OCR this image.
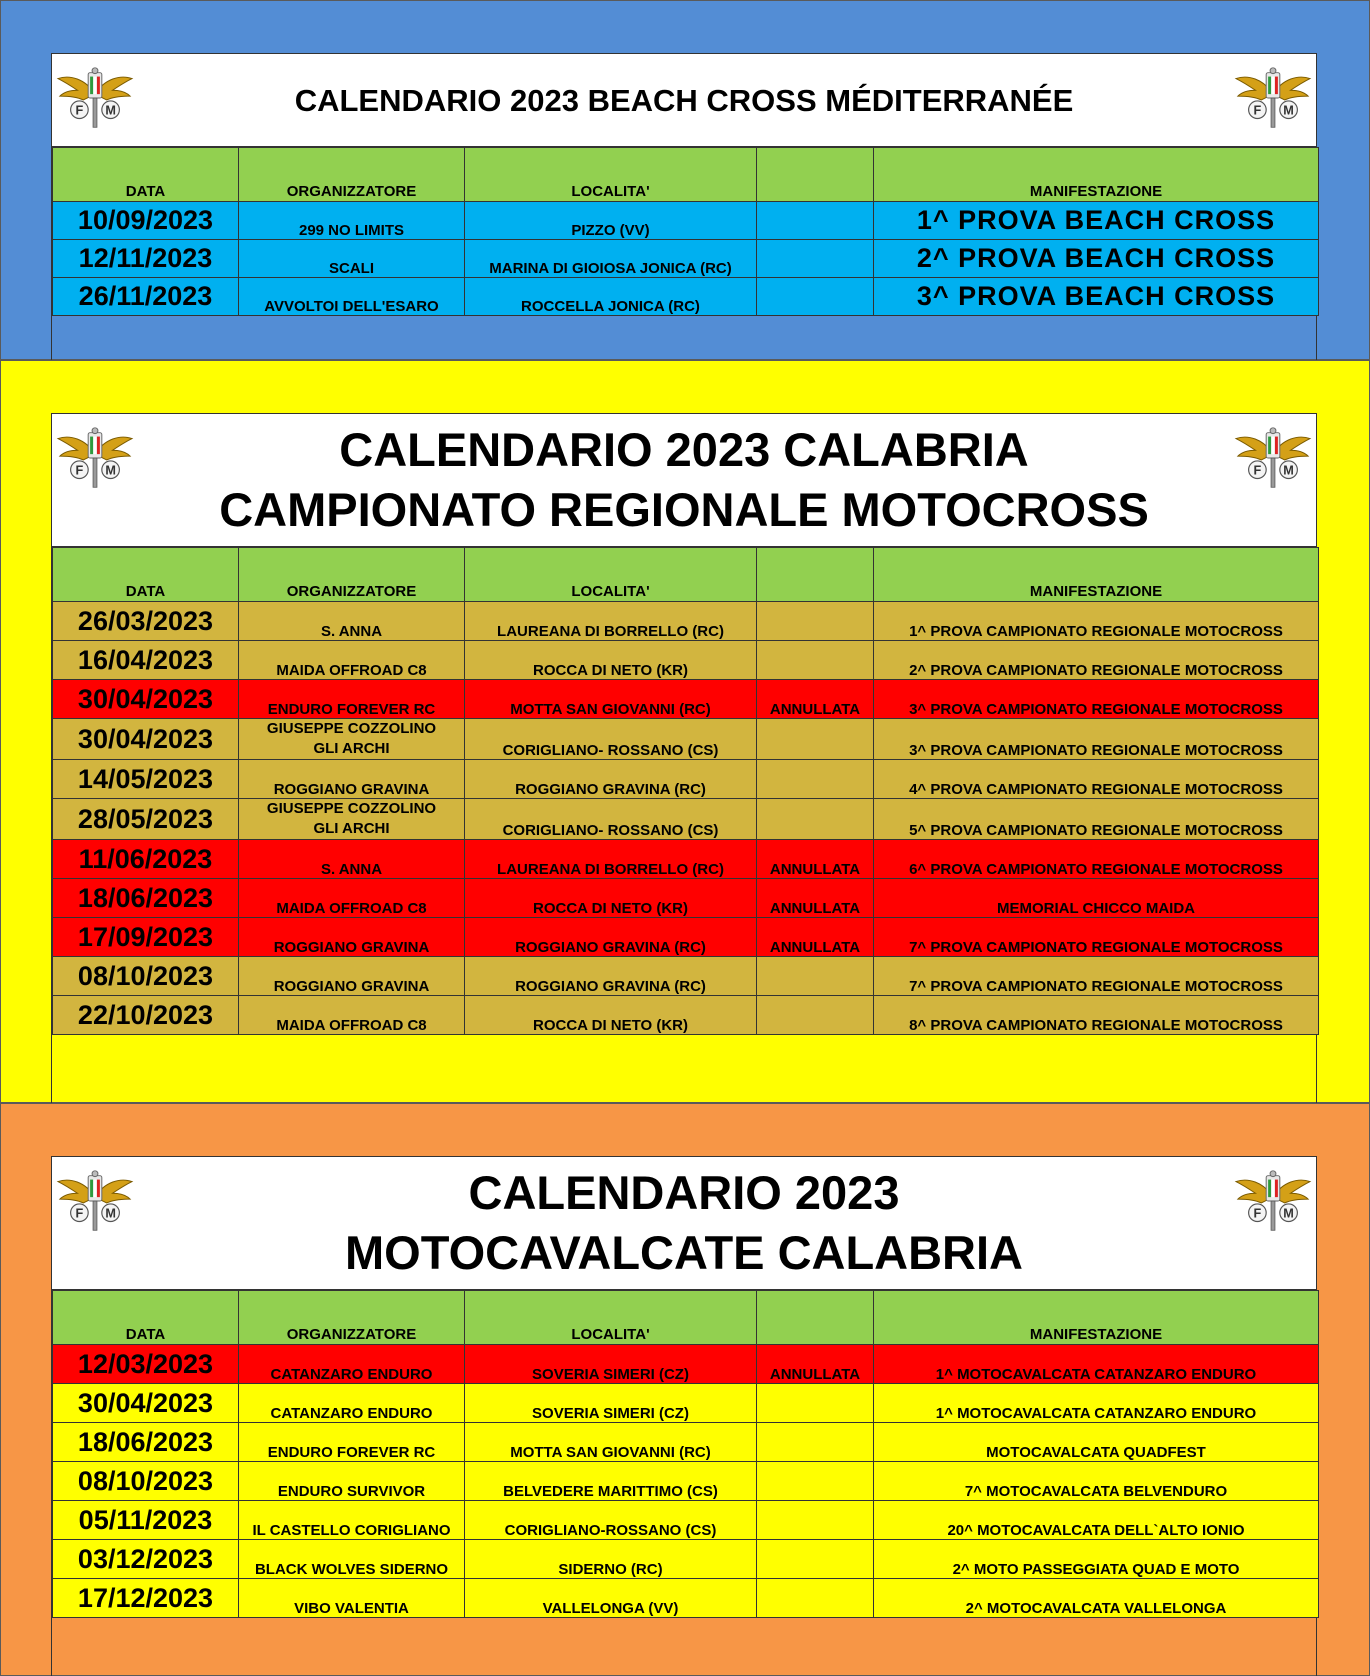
CALENDARIO 2023 BEACH CROSS MÉDITERRANÉE
DATA	ORGANIZZATORE	LOCALITA'		MANIFESTAZIONE
10/09/2023	299 NO LIMITS	PIZZO (VV)		1^ PROVA BEACH CROSS
12/11/2023	SCALI	MARINA DI GIOIOSA JONICA (RC)		2^ PROVA BEACH CROSS
26/11/2023	AVVOLTOI DELL'ESARO	ROCCELLA JONICA (RC)		3^ PROVA BEACH CROSS
CALENDARIO 2023 CALABRIA
CAMPIONATO REGIONALE MOTOCROSS
DATA	ORGANIZZATORE	LOCALITA'		MANIFESTAZIONE
26/03/2023	S. ANNA	LAUREANA DI BORRELLO (RC)		1^ PROVA CAMPIONATO REGIONALE MOTOCROSS
16/04/2023	MAIDA OFFROAD C8	ROCCA DI NETO (KR)		2^ PROVA CAMPIONATO REGIONALE MOTOCROSS
30/04/2023	ENDURO FOREVER RC	MOTTA SAN GIOVANNI (RC)	ANNULLATA	3^ PROVA CAMPIONATO REGIONALE MOTOCROSS
30/04/2023	GIUSEPPE COZZOLINO
GLI ARCHI	CORIGLIANO- ROSSANO (CS)		3^ PROVA CAMPIONATO REGIONALE MOTOCROSS
14/05/2023	ROGGIANO GRAVINA	ROGGIANO GRAVINA (RC)		4^ PROVA CAMPIONATO REGIONALE MOTOCROSS
28/05/2023	GIUSEPPE COZZOLINO
GLI ARCHI	CORIGLIANO- ROSSANO (CS)		5^ PROVA CAMPIONATO REGIONALE MOTOCROSS
11/06/2023	S. ANNA	LAUREANA DI BORRELLO (RC)	ANNULLATA	6^ PROVA CAMPIONATO REGIONALE MOTOCROSS
18/06/2023	MAIDA OFFROAD C8	ROCCA DI NETO (KR)	ANNULLATA	MEMORIAL CHICCO MAIDA
17/09/2023	ROGGIANO GRAVINA	ROGGIANO GRAVINA (RC)	ANNULLATA	7^ PROVA CAMPIONATO REGIONALE MOTOCROSS
08/10/2023	ROGGIANO GRAVINA	ROGGIANO GRAVINA (RC)		7^ PROVA CAMPIONATO REGIONALE MOTOCROSS
22/10/2023	MAIDA OFFROAD C8	ROCCA DI NETO (KR)		8^ PROVA CAMPIONATO REGIONALE MOTOCROSS
CALENDARIO 2023
MOTOCAVALCATE CALABRIA
DATA	ORGANIZZATORE	LOCALITA'		MANIFESTAZIONE
12/03/2023	CATANZARO ENDURO	SOVERIA SIMERI (CZ)	ANNULLATA	1^ MOTOCAVALCATA CATANZARO ENDURO
30/04/2023	CATANZARO ENDURO	SOVERIA SIMERI (CZ)		1^ MOTOCAVALCATA CATANZARO ENDURO
18/06/2023	ENDURO FOREVER RC	MOTTA SAN GIOVANNI (RC)		MOTOCAVALCATA QUADFEST
08/10/2023	ENDURO SURVIVOR	BELVEDERE MARITTIMO (CS)		7^ MOTOCAVALCATA BELVENDURO
05/11/2023	IL CASTELLO CORIGLIANO	CORIGLIANO-ROSSANO (CS)		20^ MOTOCAVALCATA DELL`ALTO IONIO
03/12/2023	BLACK WOLVES SIDERNO	SIDERNO (RC)		2^ MOTO PASSEGGIATA QUAD E MOTO
17/12/2023	VIBO VALENTIA	VALLELONGA (VV)		2^ MOTOCAVALCATA VALLELONGA
